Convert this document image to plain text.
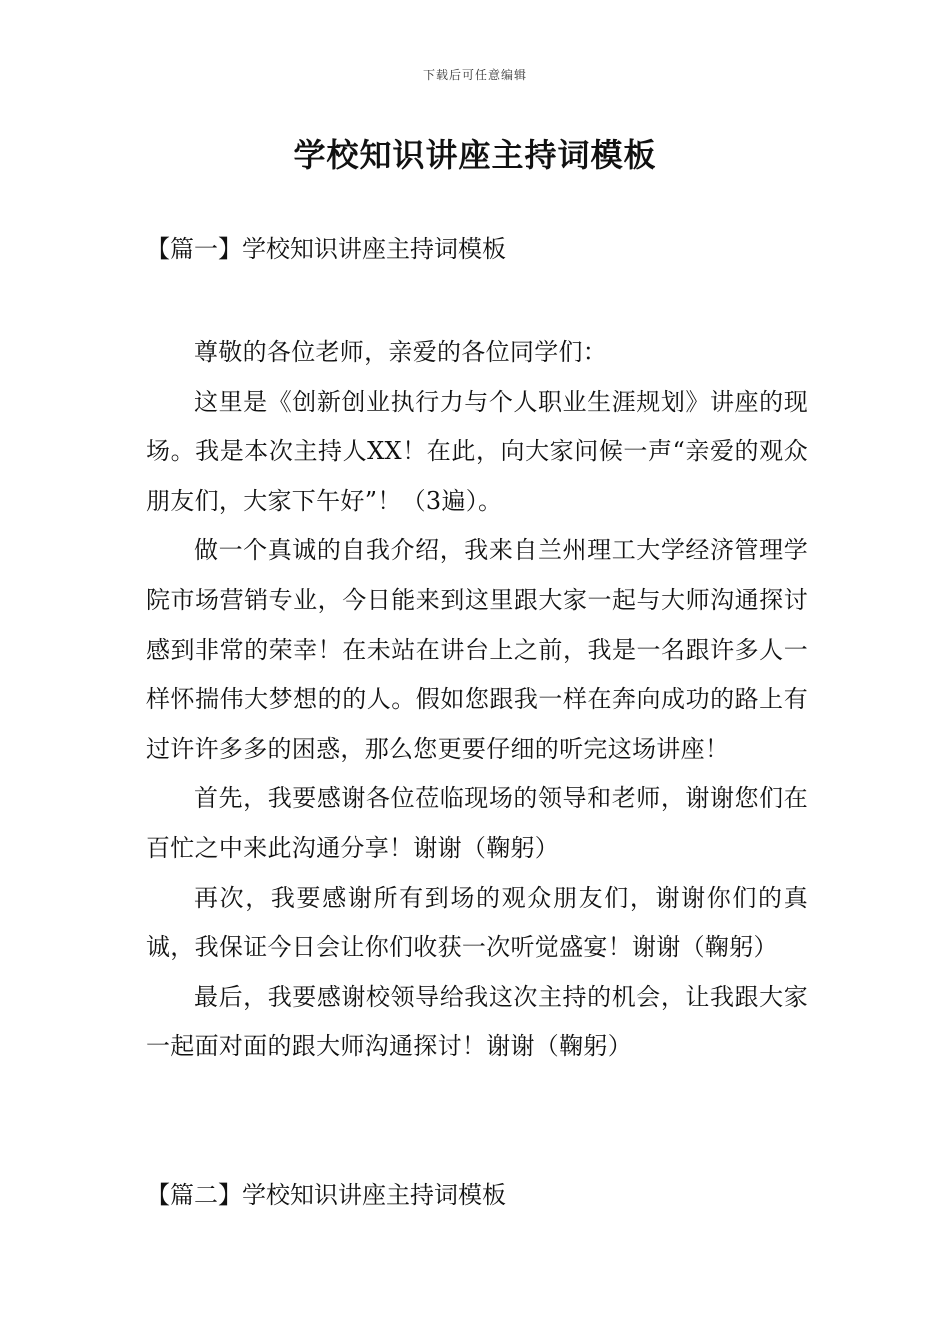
下载后可任意编辑
学校知识讲座主持词模板
【篇一】学校知识讲座主持词模板

尊敬的各位老师，亲爱的各位同学们：

这里是《创新创业执行力与个人职业生涯规划》讲座的现场。我是本次主持人XX！在此，向大家问候一声“亲爱的观众朋友们，大家下午好”！（3遍）。

做一个真诚的自我介绍，我来自兰州理工大学经济管理学院市场营销专业，今日能来到这里跟大家一起与大师沟通探讨感到非常的荣幸！在未站在讲台上之前，我是一名跟许多人一样怀揣伟大梦想的的人。假如您跟我一样在奔向成功的路上有过许许多多的困惑，那么您更要仔细的听完这场讲座！

首先，我要感谢各位莅临现场的领导和老师，谢谢您们在百忙之中来此沟通分享！谢谢（鞠躬）

再次，我要感谢所有到场的观众朋友们，谢谢你们的真诚，我保证今日会让你们收获一次听觉盛宴！谢谢（鞠躬）

最后，我要感谢校领导给我这次主持的机会，让我跟大家一起面对面的跟大师沟通探讨！谢谢（鞠躬）

【篇二】学校知识讲座主持词模板
